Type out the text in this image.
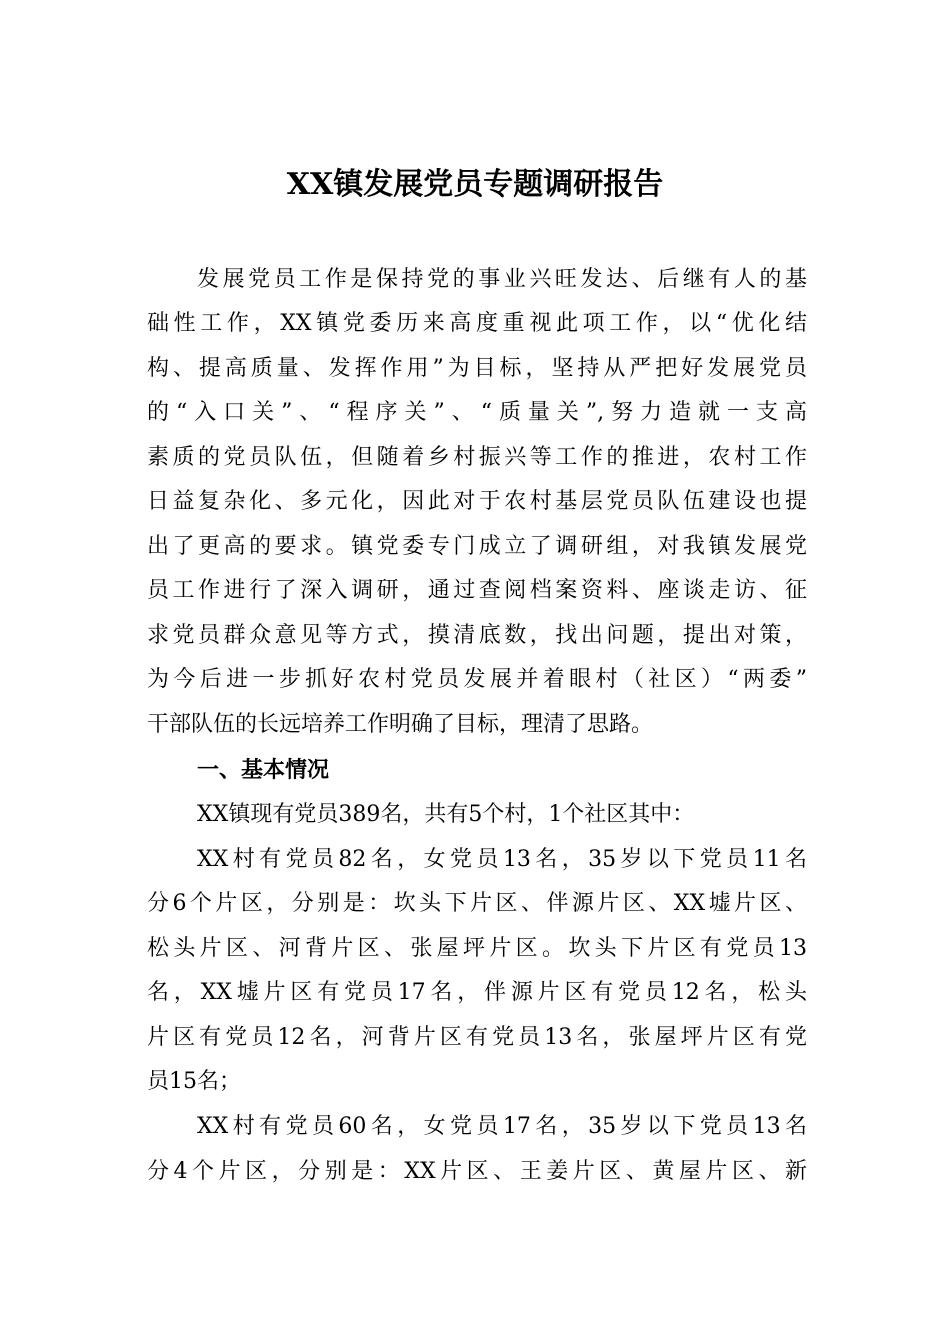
XX镇发展党员专题调研报告
发展党员工作是保持党的事业兴旺发达、后继有人的基
础性工作，XX镇党委历来高度重视此项工作，以“优化结
构、提高质量、发挥作用”为目标，坚持从严把好发展党员
的“入口关”、“程序关”、“质量关”,努力造就一支高
素质的党员队伍，但随着乡村振兴等工作的推进，农村工作
日益复杂化、多元化，因此对于农村基层党员队伍建设也提
出了更高的要求。镇党委专门成立了调研组，对我镇发展党
员工作进行了深入调研，通过查阅档案资料、座谈走访、征
求党员群众意见等方式，摸清底数，找出问题，提出对策，
为今后进一步抓好农村党员发展并着眼村（社区）“两委”
干部队伍的长远培养工作明确了目标，理清了思路。
一、基本情况
XX镇现有党员389名，共有5个村，1个社区其中：
XX村有党员82名，女党员13名，35岁以下党员11名
分6个片区，分别是：坎头下片区、伴源片区、XX墟片区、
松头片区、河背片区、张屋坪片区。坎头下片区有党员13
名，XX墟片区有党员17名，伴源片区有党员12名，松头
片区有党员12名，河背片区有党员13名，张屋坪片区有党
员15名；
XX村有党员60名，女党员17名，35岁以下党员13名
分4个片区，分别是：XX片区、王姜片区、黄屋片区、新
